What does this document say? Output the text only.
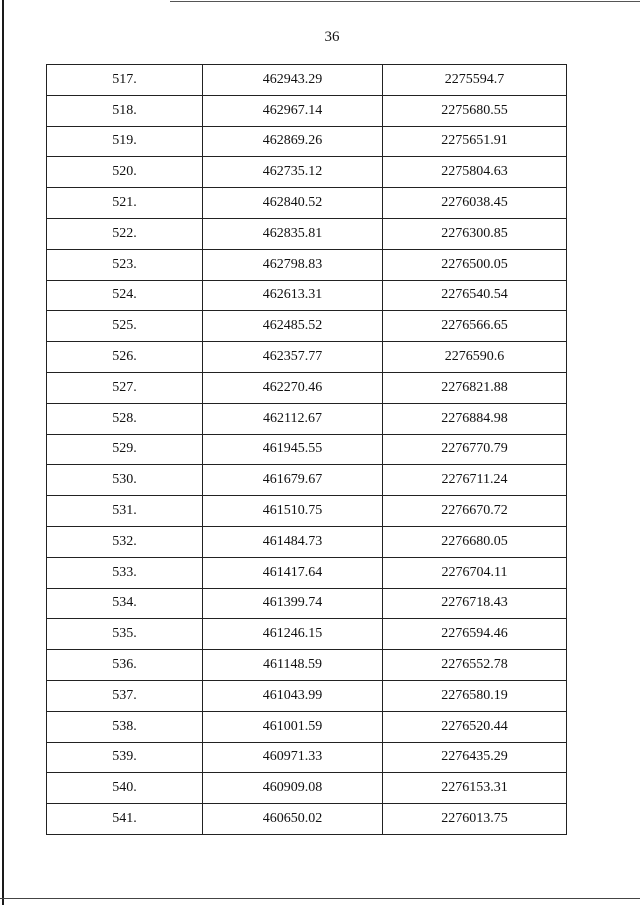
36
517.	462943.29	2275594.7
518.	462967.14	2275680.55
519.	462869.26	2275651.91
520.	462735.12	2275804.63
521.	462840.52	2276038.45
522.	462835.81	2276300.85
523.	462798.83	2276500.05
524.	462613.31	2276540.54
525.	462485.52	2276566.65
526.	462357.77	2276590.6
527.	462270.46	2276821.88
528.	462112.67	2276884.98
529.	461945.55	2276770.79
530.	461679.67	2276711.24
531.	461510.75	2276670.72
532.	461484.73	2276680.05
533.	461417.64	2276704.11
534.	461399.74	2276718.43
535.	461246.15	2276594.46
536.	461148.59	2276552.78
537.	461043.99	2276580.19
538.	461001.59	2276520.44
539.	460971.33	2276435.29
540.	460909.08	2276153.31
541.	460650.02	2276013.75
